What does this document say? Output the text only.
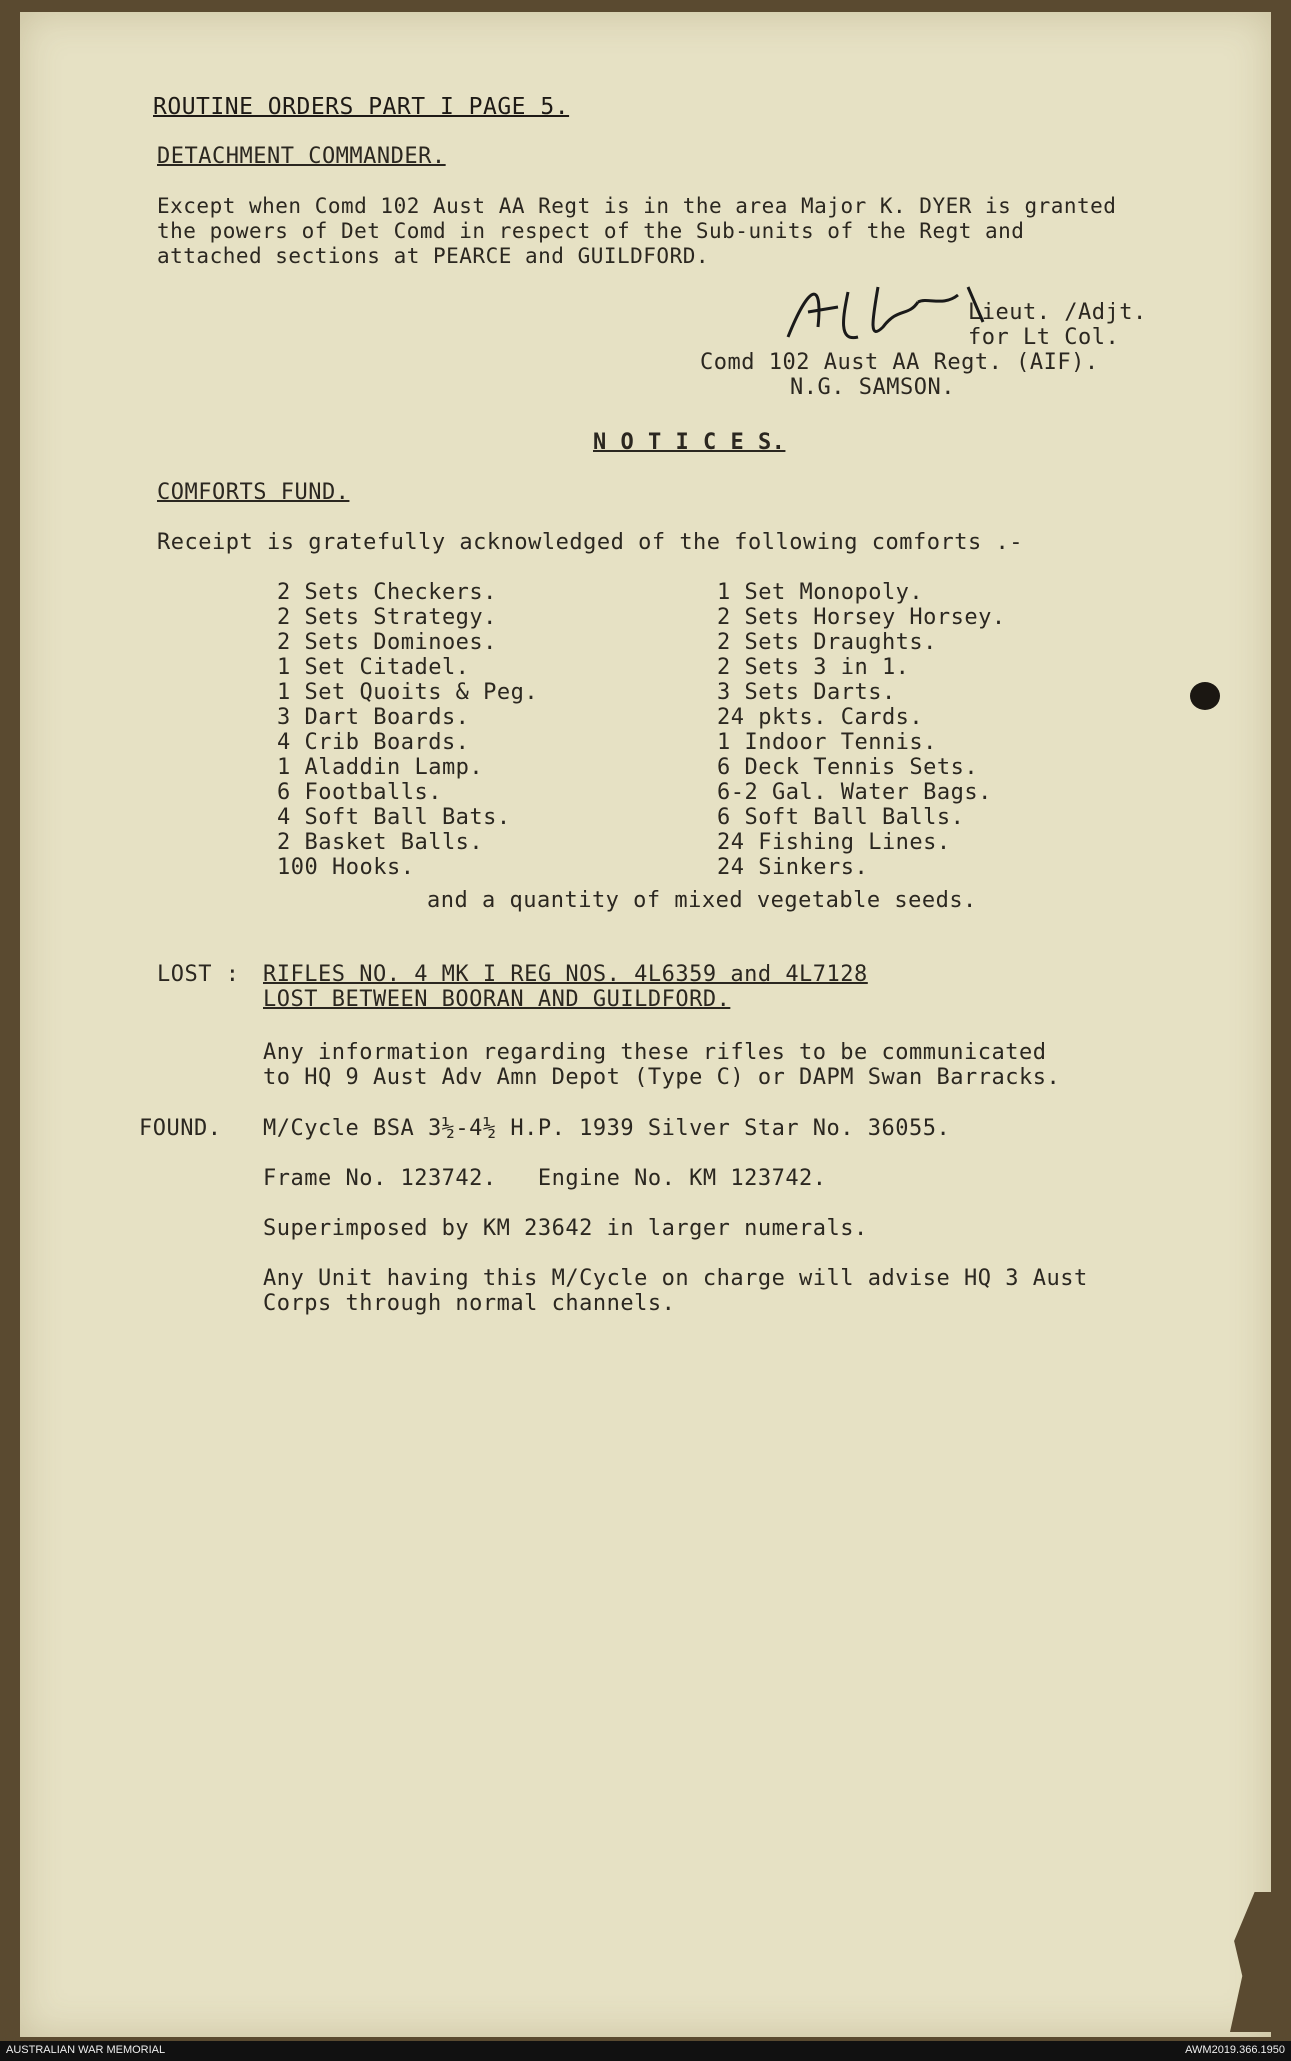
ROUTINE ORDERS PART I PAGE 5.
DETACHMENT COMMANDER.
Except when Comd 102 Aust AA Regt is in the area Major K. DYER is granted
the powers of Det Comd in respect of the Sub-units of the Regt and
attached sections at PEARCE and GUILDFORD.
Lieut. /Adjt.
for Lt Col.
Comd 102 Aust AA Regt. (AIF).
N.G. SAMSON.
N O T I C E S.
COMFORTS FUND.
Receipt is gratefully acknowledged of the following comforts .-
2 Sets Checkers.
2 Sets Strategy.
2 Sets Dominoes.
1 Set Citadel.
1 Set Quoits & Peg.
3 Dart Boards.
4 Crib Boards.
1 Aladdin Lamp.
6 Footballs.
4 Soft Ball Bats.
2 Basket Balls.
100 Hooks.
1 Set Monopoly.
2 Sets Horsey Horsey.
2 Sets Draughts.
2 Sets 3 in 1.
3 Sets Darts.
24 pkts. Cards.
1 Indoor Tennis.
6 Deck Tennis Sets.
6-2 Gal. Water Bags.
6 Soft Ball Balls.
24 Fishing Lines.
24 Sinkers.
and a quantity of mixed vegetable seeds.
LOST : RIFLES NO. 4 MK I REG NOS. 4L6359 and 4L7128
LOST BETWEEN BOORAN AND GUILDFORD.
Any information regarding these rifles to be communicated
to HQ 9 Aust Adv Amn Depot (Type C) or DAPM Swan Barracks.
FOUND. M/Cycle BSA 3½-4½ H.P. 1939 Silver Star No. 36055.
Frame No. 123742.   Engine No. KM 123742.
Superimposed by KM 23642 in larger numerals.
Any Unit having this M/Cycle on charge will advise HQ 3 Aust
Corps through normal channels.
AUSTRALIAN WAR MEMORIAL	AWM2019.366.1950
